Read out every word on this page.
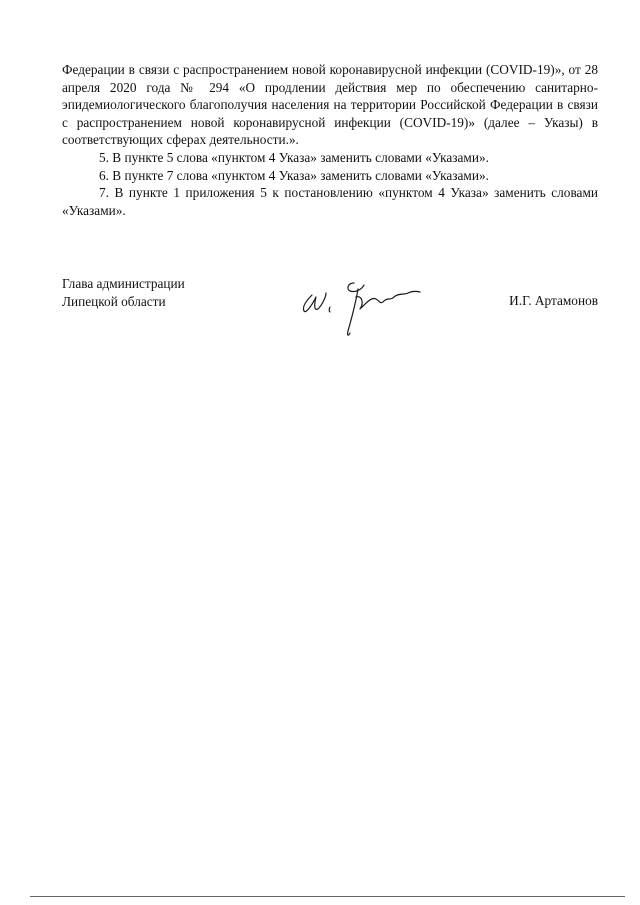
Федерации в связи с распространением новой коронавирусной инфекции (COVID-19)», от 28 апреля 2020 года № 294 «О продлении действия мер по обеспечению санитарно-эпидемиологического благополучия населения на территории Российской Федерации в связи с распространением новой коронавирусной инфекции (COVID-19)» (далее – Указы) в соответствующих сферах деятельности.».

5. В пункте 5 слова «пунктом 4 Указа» заменить словами «Указами».

6. В пункте 7 слова «пунктом 4 Указа» заменить словами «Указами».

7. В пункте 1 приложения 5 к постановлению «пунктом 4 Указа» заменить словами «Указами».

Глава администрации
Липецкой области	И.Г. Артамонов
